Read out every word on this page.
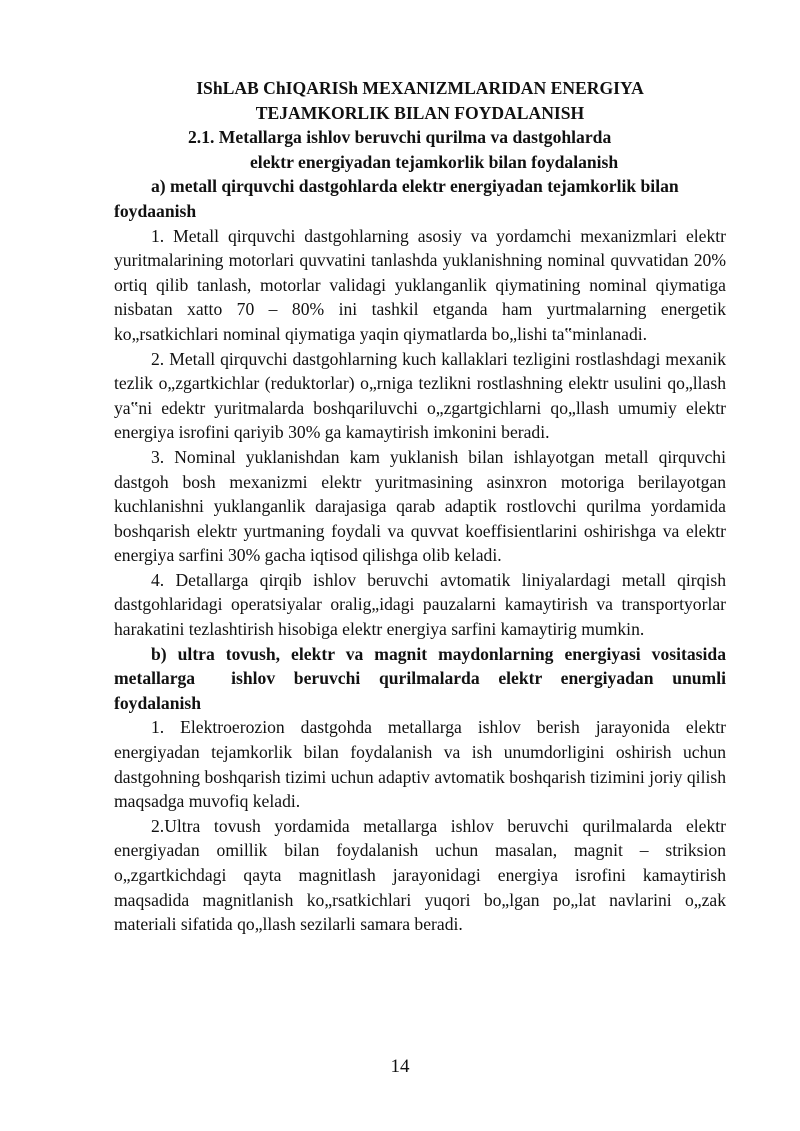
IShLAB ChIQARISh MEXANIZMLARIDAN ENERGIYA
TEJAMKORLIK BILAN FOYDALANISH

2.1. Metallarga ishlov beruvchi qurilma va dastgohlarda
elektr energiyadan tejamkorlik bilan foydalanish

a) metall qirquvchi dastgohlarda elektr energiyadan tejamkorlik bilan foydaanish

1. Metall qirquvchi dastgohlarning asosiy va yordamchi mexanizmlari elektr yuritmalarining motorlari quvvatini tanlashda yuklanishning nominal quvvatidan 20% ortiq qilib tanlash, motorlar validagi yuklanganlik qiymatining nominal qiymatiga nisbatan xatto 70 – 80% ini tashkil etganda ham yurtmalarning energetik ko„rsatkichlari nominal qiymatiga yaqin qiymatlarda bo„lishi ta‟minlanadi.

2. Metall qirquvchi dastgohlarning kuch kallaklari tezligini rostlashdagi mexanik tezlik o„zgartkichlar (reduktorlar) o„rniga tezlikni rostlashning elektr usulini qo„llash ya‟ni edektr yuritmalarda boshqariluvchi o„zgartgichlarni qo„llash umumiy elektr energiya isrofini qariyib 30% ga kamaytirish imkonini beradi.

3. Nominal yuklanishdan kam yuklanish bilan ishlayotgan metall qirquvchi dastgoh bosh mexanizmi elektr yuritmasining asinxron motoriga berilayotgan kuchlanishni yuklanganlik darajasiga qarab adaptik rostlovchi qurilma yordamida boshqarish elektr yurtmaning foydali va quvvat koeffisientlarini oshirishga va elektr energiya sarfini 30% gacha iqtisod qilishga olib keladi.

4. Detallarga qirqib ishlov beruvchi avtomatik liniyalardagi metall qirqish dastgohlaridagi operatsiyalar oralig„idagi pauzalarni kamaytirish va transportyorlar harakatini tezlashtirish hisobiga elektr energiya sarfini kamaytirig mumkin.

b) ultra tovush, elektr va magnit maydonlarning energiyasi vositasida metallarga ishlov beruvchi qurilmalarda elektr energiyadan unumli foydalanish

1. Elektroerozion dastgohda metallarga ishlov berish jarayonida elektr energiyadan tejamkorlik bilan foydalanish va ish unumdorligini oshirish uchun dastgohning boshqarish tizimi uchun adaptiv avtomatik boshqarish tizimini joriy qilish maqsadga muvofiq keladi.

2.Ultra tovush yordamida metallarga ishlov beruvchi qurilmalarda elektr energiyadan omillik bilan foydalanish uchun masalan, magnit – striksion o„zgartkichdagi qayta magnitlash jarayonidagi energiya isrofini kamaytirish maqsadida magnitlanish ko„rsatkichlari yuqori bo„lgan po„lat navlarini o„zak materiali sifatida qo„llash sezilarli samara beradi.

14
